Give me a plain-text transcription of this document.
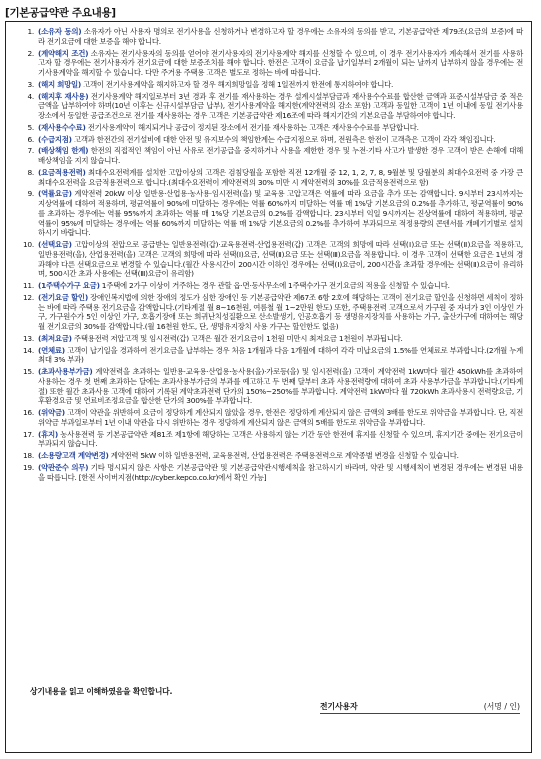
[기본공급약관 주요내용]
1. (소유자 동의) 소유자가 아닌 사용자 명의로 전기사용을 신청하거나 변경하고자 할 경우에는 소유자의 동의를 받고, 기본공급약관 제79조(요금의 보증)에 따라 전기요금에 대한 보증을 해야 합니다.
2. (계약해지 조건) 소유자는 전기사용자의 동의를 얻어야 전기사용자의 전기사용계약 해지를 신청할 수 있으며, 이 경우 전기사용자가 계속해서 전기를 사용하고자 할 경우에는 전기사용자가 전기요금에 대한 보증조치를 해야 합니다. 한전은 고객이 요금을 납기일부터 2개월이 되는 날까지 납부하지 않을 경우에는 전기사용계약을 해지할 수 있습니다. 다만 주거용 주택용 고객은 별도로 정하는 바에 따릅니다.
3. (해지 희망일) 고객이 전기사용계약을 해지하고자 할 경우 해지희망일을 정해 1일전까지 한전에 통지하여야 합니다.
4. (해지후 재사용) 전기사용계약 해지일로부터 3년 경과 후 전기를 재사용하는 경우 설계시설부담금과 재사용수수료를 합산한 금액과 표준시설부담금 중 적은 금액을 납부하여야 하며(10년 이후는 신규시설부담금 납부), 전기사용계약을 해지한(계약전력의 감소 포함) 고객과 동일한 고객이 1년 이내에 동일 전기사용장소에서 동일한 공급조건으로 전기를 재사용하는 경우 고객은 기본공급약관 제16조에 따라 해지기간의 기본요금을 부담하여야 합니다.
5. (재사용수수료) 전기사용계약이 해지되거나 공급이 정지된 장소에서 전기를 재사용하는 고객은 재사용수수료를 부담합니다.
6. (수급지점) 고객과 한전간의 전기설비에 대한 안전 및 유지보수의 책임한계는 수급지점으로 하며, 전원측은 한전이 고객측은 고객이 각각 책임집니다.
7. (배상책임 한계) 한전의 직접적인 책임이 아닌 사유로 전기공급을 중지하거나 사용을 제한한 경우 및 누전·기타 사고가 발생한 경우 고객이 받은 손해에 대해 배상책임을 지지 않습니다.
8. (요금적용전력) 최대수요전력계를 설치한 고압이상의 고객은 검침당월을 포함한 직전 12개월 중 12, 1, 2, 7, 8, 9월분 및 당월분의 최대수요전력 중 가장 큰 최대수요전력을 요금적용전력으로 합니다.(최대수요전력이 계약전력의 30% 미만 시 계약전력의 30%를 요금적용전력으로 함)
9. (역률요금) 계약전력 20kW 이상 일반용·산업용·농사용·임시전력(을) 및 교육용 고압고객은 역률에 따라 요금을 추가 또는 감액합니다. 9시부터 23시까지는 지상역률에 대하여 적용하며, 평균역률이 90%에 미달하는 경우에는 역률 60%까지 미달하는 역률 매 1%당 기본요금의 0.2%를 추가하고, 평균역률이 90%를 초과하는 경우에는 역률 95%까지 초과하는 역률 매 1%당 기본요금의 0.2%를 감액합니다. 23시부터 익일 9시까지는 진상역률에 대하여 적용하며, 평균역률이 95%에 미달하는 경우에는 역률 60%까지 미달하는 역률 매 1%당 기본요금의 0.2%를 추가하여 부과되므로 적정용량의 콘덴서를 개폐기기별로 설치하시기 바랍니다.
10. (선택요금) 고압이상의 전압으로 공급받는 일반용전력(갑)·교육용전력·산업용전력(갑) 고객은 고객의 희망에 따라 선택(Ⅰ)요금 또는 선택(Ⅱ)요금을 적용하고, 일반용전력(을), 산업용전력(을) 고객은 고객의 희망에 따라 선택(Ⅰ)요금, 선택(Ⅱ)요금 또는 선택(Ⅲ)요금을 적용합니다. 이 경우 고객이 선택한 요금은 1년의 경과해야 다른 선택요금으로 변경할 수 있습니다.(월간 사용시간이 200시간 이하인 경우에는 선택(Ⅰ)요금이, 200시간을 초과할 경우에는 선택(Ⅱ)요금이 유리하며, 500시간 초과 사용에는 선택(Ⅲ)요금이 유리함)
11. (1주택수가구 요금) 1주택에 2가구 이상이 거주하는 경우 관할 읍·면·동사무소에 1주택수가구 전기요금의 적용을 신청할 수 있습니다.
12. (전기요금 할인) 장애인복지법에 의한 장애의 정도가 심한 장애인 등 기본공급약관 제67조 6항 2호에 해당하는 고객이 전기요금 할인을 신청하면 세칙이 정하는 바에 따라 주택용 전기요금을 감액합니다.(기타계절 월 8~16천원, 여름철 월 1~2만원 한도) 또한, 주택용전력 고객으로서 가구원 중 자녀가 3인 이상인 가구, 가구원수가 5인 이상인 가구, 호흡기장애 또는 희귀난치성질환으로 산소발생기, 인공호흡기 등 생명유지장치를 사용하는 가구, 출산가구에 대하여는 해당월 전기요금의 30%를 감액합니다.(월 16천원 한도, 단, 생명유지장치 사용 가구는 할인한도 없음)
13. (최저요금) 주택용전력 저압고객 및 임시전력(갑) 고객은 월간 전기요금이 1천원 미만시 최저요금 1천원이 부과됩니다.
14. (연체료) 고객이 납기일을 경과하여 전기요금을 납부하는 경우 처음 1개월과 다음 1개월에 대하여 각각 미납요금의 1.5%를 연체료로 부과합니다.(2개월 누계 최대 3% 부과)
15. (초과사용부가금) 계약전력을 초과하는 일반용·교육용·산업용·농사용(을)·가로등(을) 및 임시전력(을) 고객이 계약전력 1kW마다 월간 450kWh를 초과하여 사용하는 경우 첫 번째 초과하는 달에는 초과사용부가금의 부과를 예고하고 두 번째 달부터 초과 사용전력량에 대하여 초과 사용부가금을 부과합니다.(기타계절) 또한 월간 초과사용 고객에 대하여 기록된 계약초과전력 단가의 150%~250%를 부과합니다. 계약전력 1kW마다 월 720kWh 초과사용시 전력량요금, 기후환경요금 및 연료비조정요금을 합산한 단가의 300%를 부과합니다.
16. (위약금) 고객이 약관을 위반하여 요금이 정당하게 계산되지 않았을 경우, 한전은 정당하게 계산되지 않은 금액의 3배를 한도로 위약금을 부과합니다. 단, 직전 위약금 부과일로부터 1년 이내 약관을 다시 위반하는 경우 정당하게 계산되지 않은 금액의 5배를 한도로 위약금을 부과합니다.
17. (휴지) 농사용전력 등 기본공급약관 제81조 제1항에 해당하는 고객은 사용하지 않는 기간 동안 한전에 휴지를 신청할 수 있으며, 휴지기간 중에는 전기요금이 부과되지 않습니다.
18. (소용량고객 계약변경) 계약전력 5kW 이하 일반용전력, 교육용전력, 산업용전력은 주택용전력으로 계약종별 변경을 신청할 수 있습니다.
19. (약관준수 의무) 기타 명시되지 않은 사항은 기본공급약관 및 기본공급약관시행세칙을 참고하시기 바라며, 약관 및 시행세칙이 변경된 경우에는 변경된 내용을 따릅니다. [한전 사이버지점(http://cyber.kepco.co.kr)에서 확인 가능]
상기내용을 읽고 이해하였음을 확인합니다.
전기사용자	(서명 / 인)
